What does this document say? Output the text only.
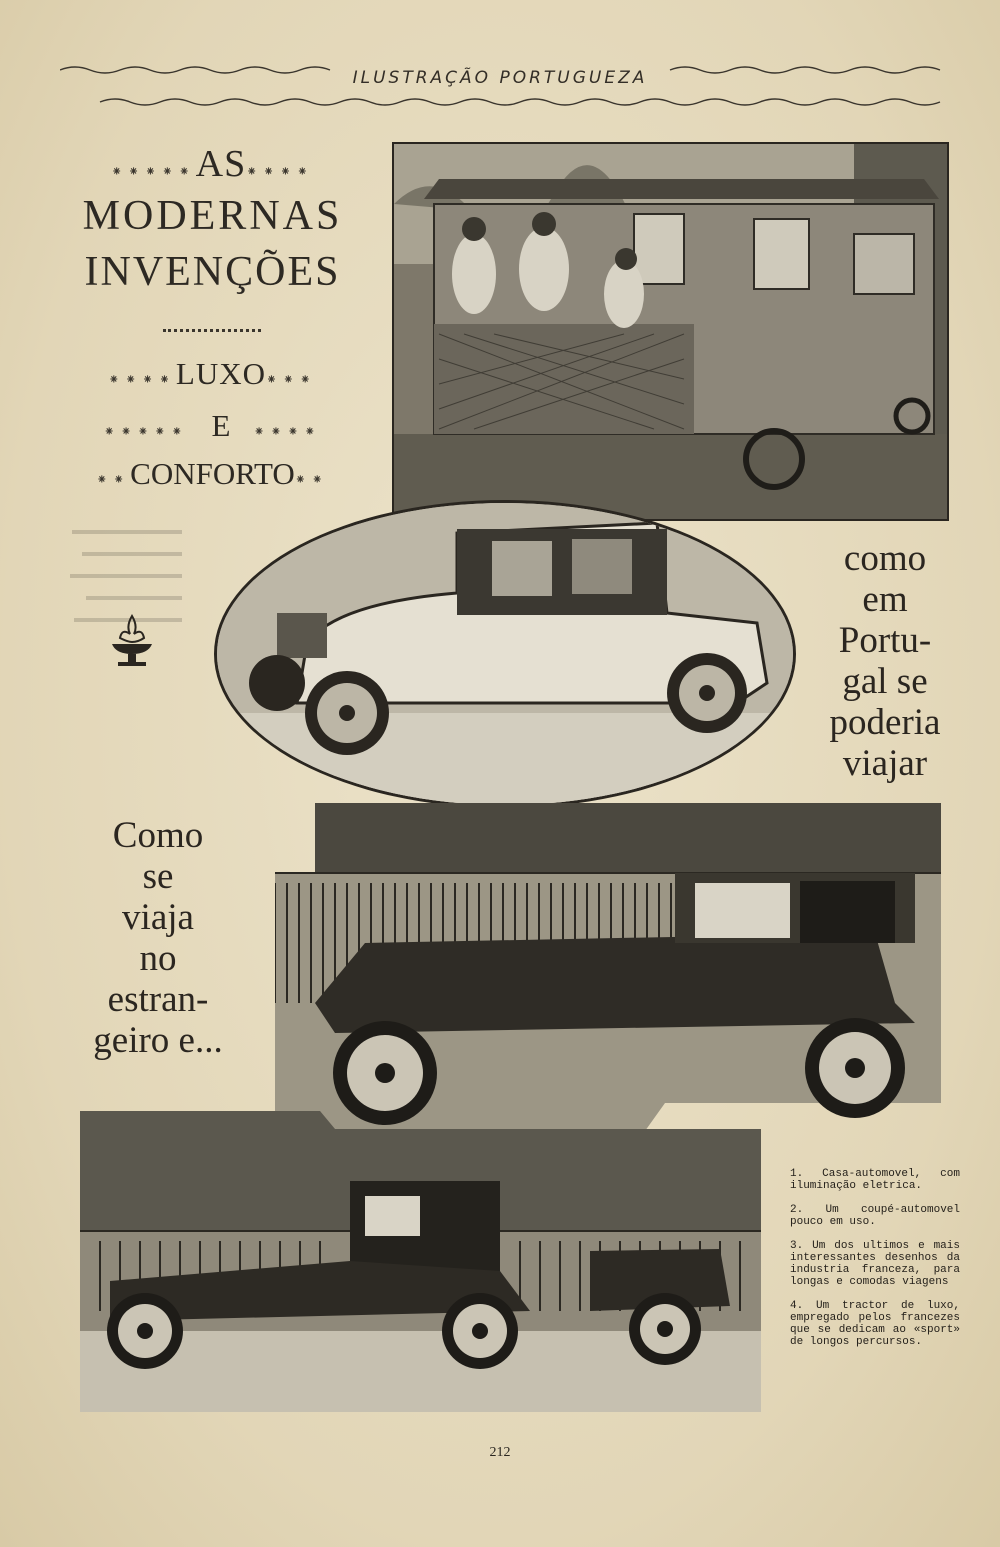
ILUSTRAÇÃO PORTUGUEZA
⁕⁕⁕⁕⁕AS⁕⁕⁕⁕
MODERNAS
INVENÇÕES
⁕⁕⁕⁕LUXO⁕⁕⁕
⁕⁕⁕⁕⁕ E ⁕⁕⁕⁕
⁕⁕CONFORTO⁕⁕
como
em
Portu-
gal se
poderia
viajar
Como
se
viaja
no
estran-
geiro e...

1. Casa-automovel, com iluminação eletrica.

2. Um coupé-automovel pouco em uso.

3. Um dos ultimos e mais interessantes desenhos da industria franceza, para longas e comodas viagens

4. Um tractor de luxo, empregado pelos francezes que se dedicam ao «sport» de longos percursos.

212
